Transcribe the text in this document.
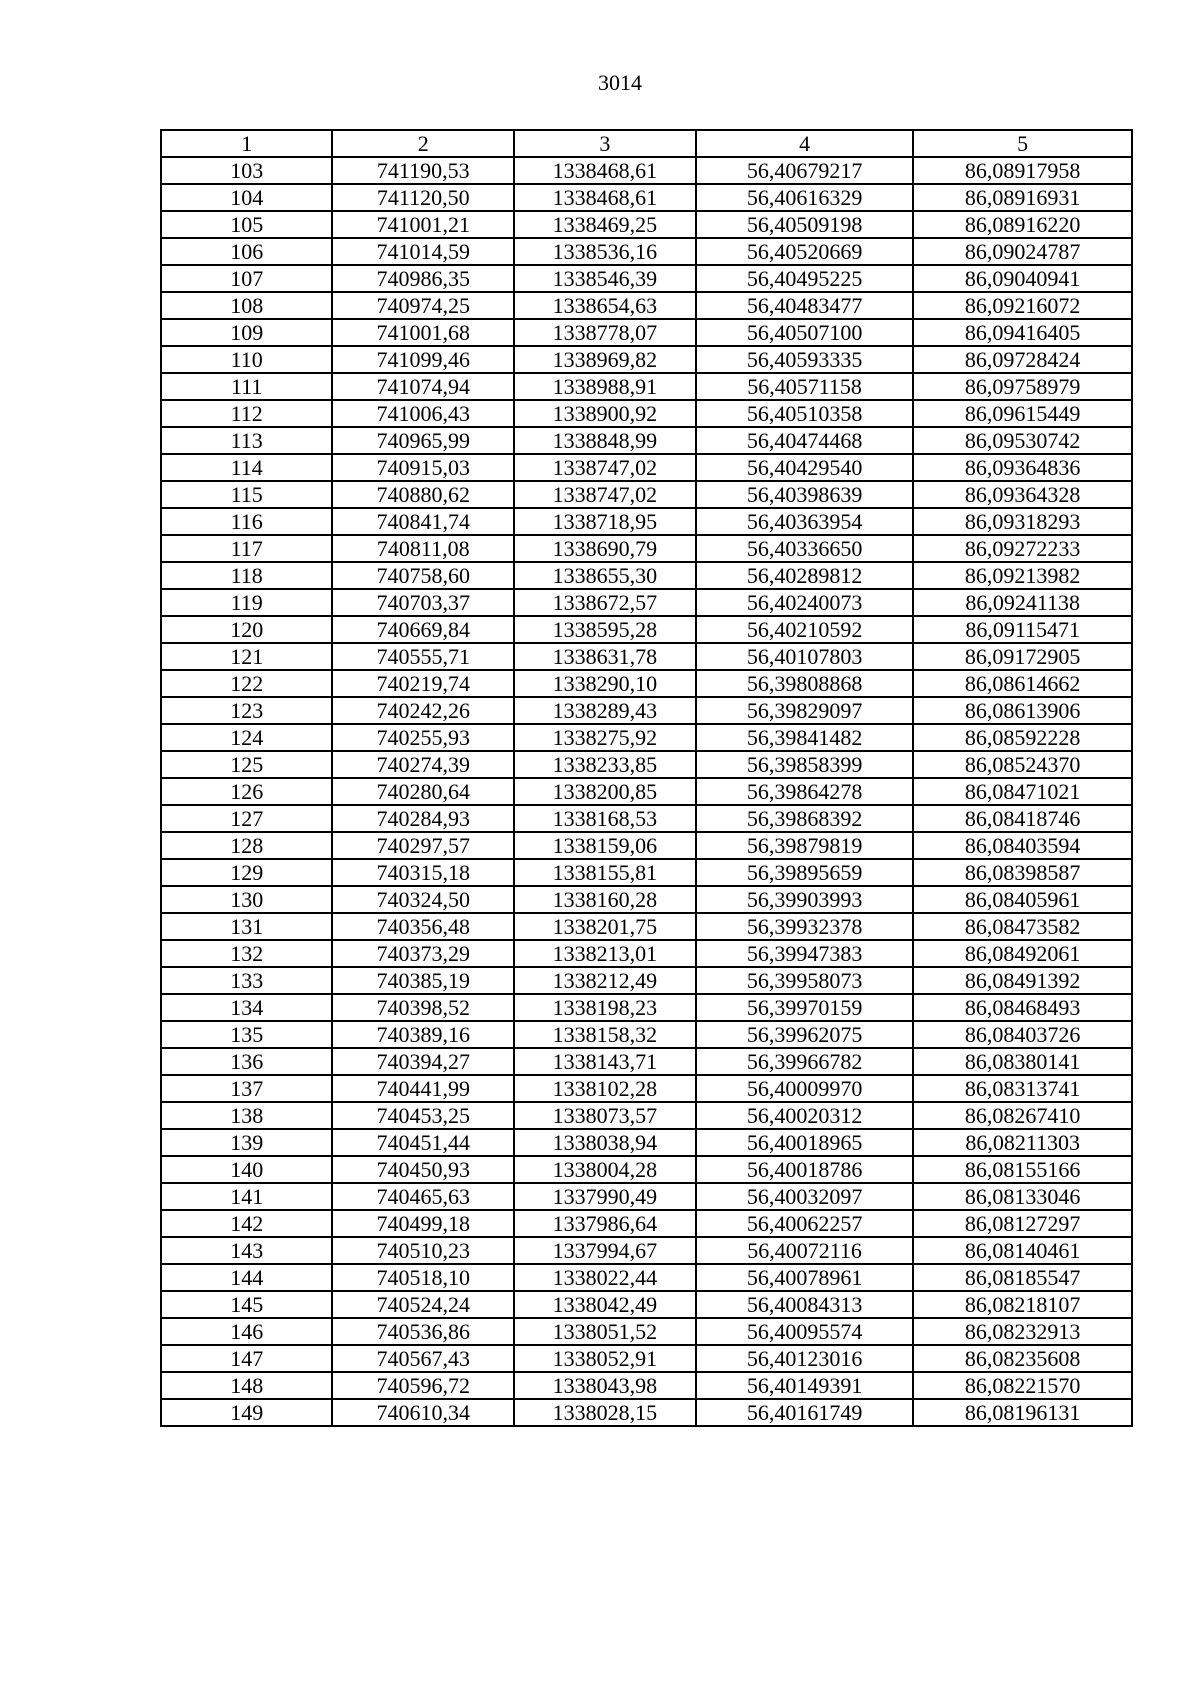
3014
1	2	3	4	5
103	741190,53	1338468,61	56,40679217	86,08917958
104	741120,50	1338468,61	56,40616329	86,08916931
105	741001,21	1338469,25	56,40509198	86,08916220
106	741014,59	1338536,16	56,40520669	86,09024787
107	740986,35	1338546,39	56,40495225	86,09040941
108	740974,25	1338654,63	56,40483477	86,09216072
109	741001,68	1338778,07	56,40507100	86,09416405
110	741099,46	1338969,82	56,40593335	86,09728424
111	741074,94	1338988,91	56,40571158	86,09758979
112	741006,43	1338900,92	56,40510358	86,09615449
113	740965,99	1338848,99	56,40474468	86,09530742
114	740915,03	1338747,02	56,40429540	86,09364836
115	740880,62	1338747,02	56,40398639	86,09364328
116	740841,74	1338718,95	56,40363954	86,09318293
117	740811,08	1338690,79	56,40336650	86,09272233
118	740758,60	1338655,30	56,40289812	86,09213982
119	740703,37	1338672,57	56,40240073	86,09241138
120	740669,84	1338595,28	56,40210592	86,09115471
121	740555,71	1338631,78	56,40107803	86,09172905
122	740219,74	1338290,10	56,39808868	86,08614662
123	740242,26	1338289,43	56,39829097	86,08613906
124	740255,93	1338275,92	56,39841482	86,08592228
125	740274,39	1338233,85	56,39858399	86,08524370
126	740280,64	1338200,85	56,39864278	86,08471021
127	740284,93	1338168,53	56,39868392	86,08418746
128	740297,57	1338159,06	56,39879819	86,08403594
129	740315,18	1338155,81	56,39895659	86,08398587
130	740324,50	1338160,28	56,39903993	86,08405961
131	740356,48	1338201,75	56,39932378	86,08473582
132	740373,29	1338213,01	56,39947383	86,08492061
133	740385,19	1338212,49	56,39958073	86,08491392
134	740398,52	1338198,23	56,39970159	86,08468493
135	740389,16	1338158,32	56,39962075	86,08403726
136	740394,27	1338143,71	56,39966782	86,08380141
137	740441,99	1338102,28	56,40009970	86,08313741
138	740453,25	1338073,57	56,40020312	86,08267410
139	740451,44	1338038,94	56,40018965	86,08211303
140	740450,93	1338004,28	56,40018786	86,08155166
141	740465,63	1337990,49	56,40032097	86,08133046
142	740499,18	1337986,64	56,40062257	86,08127297
143	740510,23	1337994,67	56,40072116	86,08140461
144	740518,10	1338022,44	56,40078961	86,08185547
145	740524,24	1338042,49	56,40084313	86,08218107
146	740536,86	1338051,52	56,40095574	86,08232913
147	740567,43	1338052,91	56,40123016	86,08235608
148	740596,72	1338043,98	56,40149391	86,08221570
149	740610,34	1338028,15	56,40161749	86,08196131
